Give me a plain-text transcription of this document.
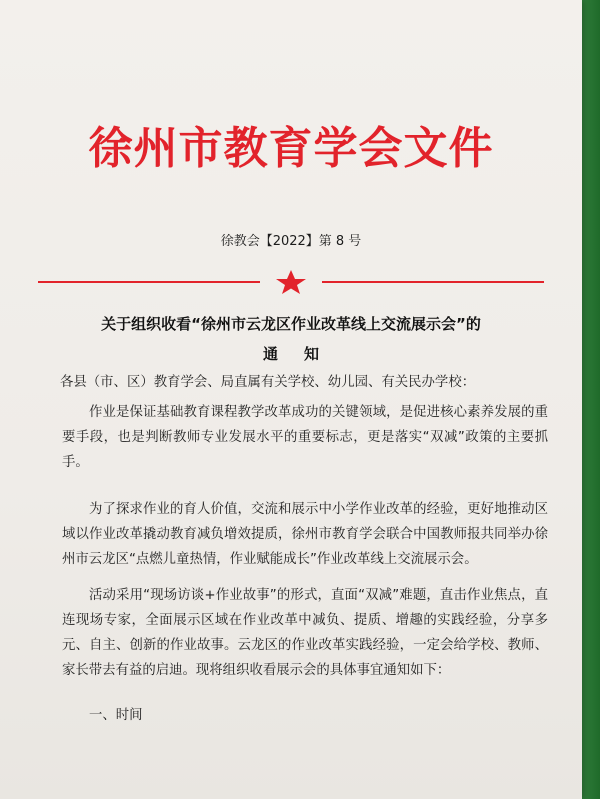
徐州市教育学会文件
徐教会【2022】第 8 号
关于组织收看“徐州市云龙区作业改革线上交流展示会”的
通知
各县（市、区）教育学会、局直属有关学校、幼儿园、有关民办学校：
作业是保证基础教育课程教学改革成功的关键领域，是促进核心素养发展的重要手段，也是判断教师专业发展水平的重要标志，更是落实“双减”政策的主要抓手。
为了探求作业的育人价值，交流和展示中小学作业改革的经验，更好地推动区域以作业改革撬动教育减负增效提质，徐州市教育学会联合中国教师报共同举办徐州市云龙区“点燃儿童热情，作业赋能成长”作业改革线上交流展示会。
活动采用“现场访谈+作业故事”的形式，直面“双减”难题，直击作业焦点，直连现场专家，全面展示区域在作业改革中减负、提质、增趣的实践经验，分享多元、自主、创新的作业故事。云龙区的作业改革实践经验，一定会给学校、教师、家长带去有益的启迪。现将组织收看展示会的具体事宜通知如下：
一、时间
